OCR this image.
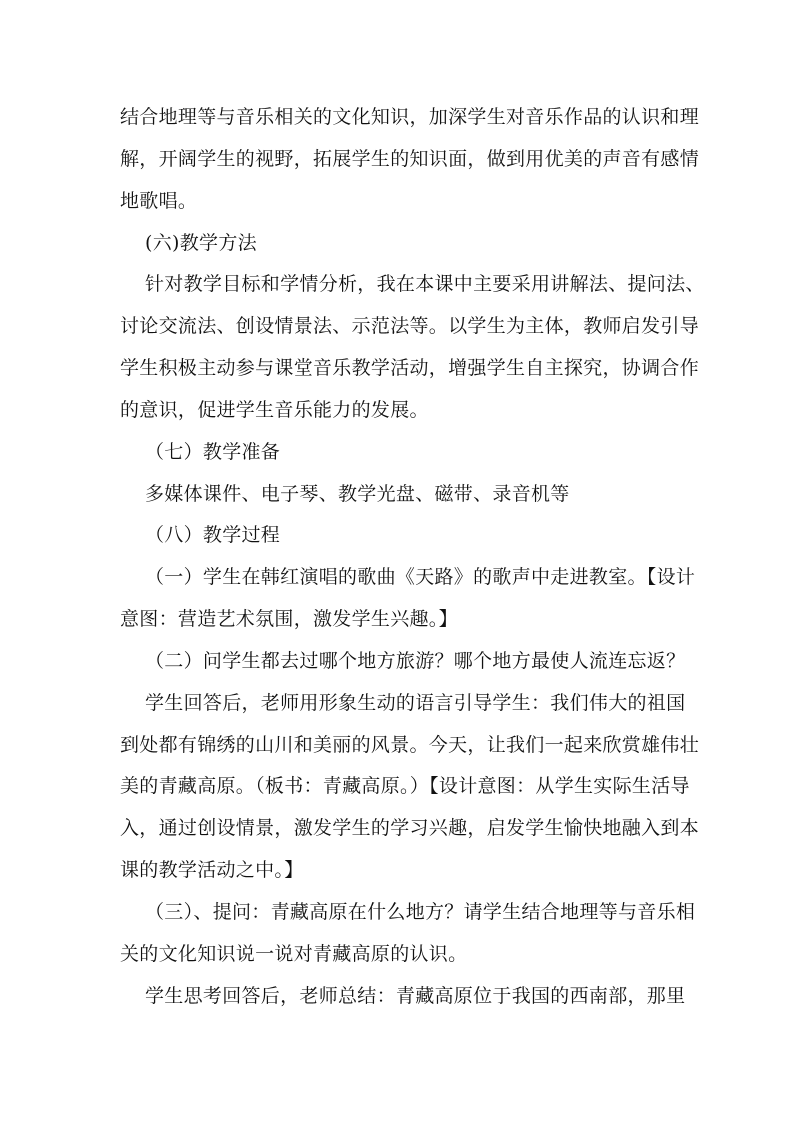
结合地理等与音乐相关的文化知识，加深学生对音乐作品的认识和理
解，开阔学生的视野，拓展学生的知识面，做到用优美的声音有感情
地歌唱。
(六)教学方法
针对教学目标和学情分析，我在本课中主要采用讲解法、提问法、
讨论交流法、创设情景法、示范法等。以学生为主体，教师启发引导
学生积极主动参与课堂音乐教学活动，增强学生自主探究，协调合作
的意识，促进学生音乐能力的发展。
（七）教学准备
多媒体课件、电子琴、教学光盘、磁带、录音机等
（八）教学过程
（一）学生在韩红演唱的歌曲《天路》的歌声中走进教室。【设计
意图：营造艺术氛围，激发学生兴趣。】
（二）问学生都去过哪个地方旅游？哪个地方最使人流连忘返？
学生回答后，老师用形象生动的语言引导学生：我们伟大的祖国
到处都有锦绣的山川和美丽的风景。今天，让我们一起来欣赏雄伟壮
美的青藏高原。（板书：青藏高原。）【设计意图：从学生实际生活导
入，通过创设情景，激发学生的学习兴趣，启发学生愉快地融入到本
课的教学活动之中。】
（三）、提问：青藏高原在什么地方？请学生结合地理等与音乐相
关的文化知识说一说对青藏高原的认识。
学生思考回答后，老师总结：青藏高原位于我国的西南部，那里
